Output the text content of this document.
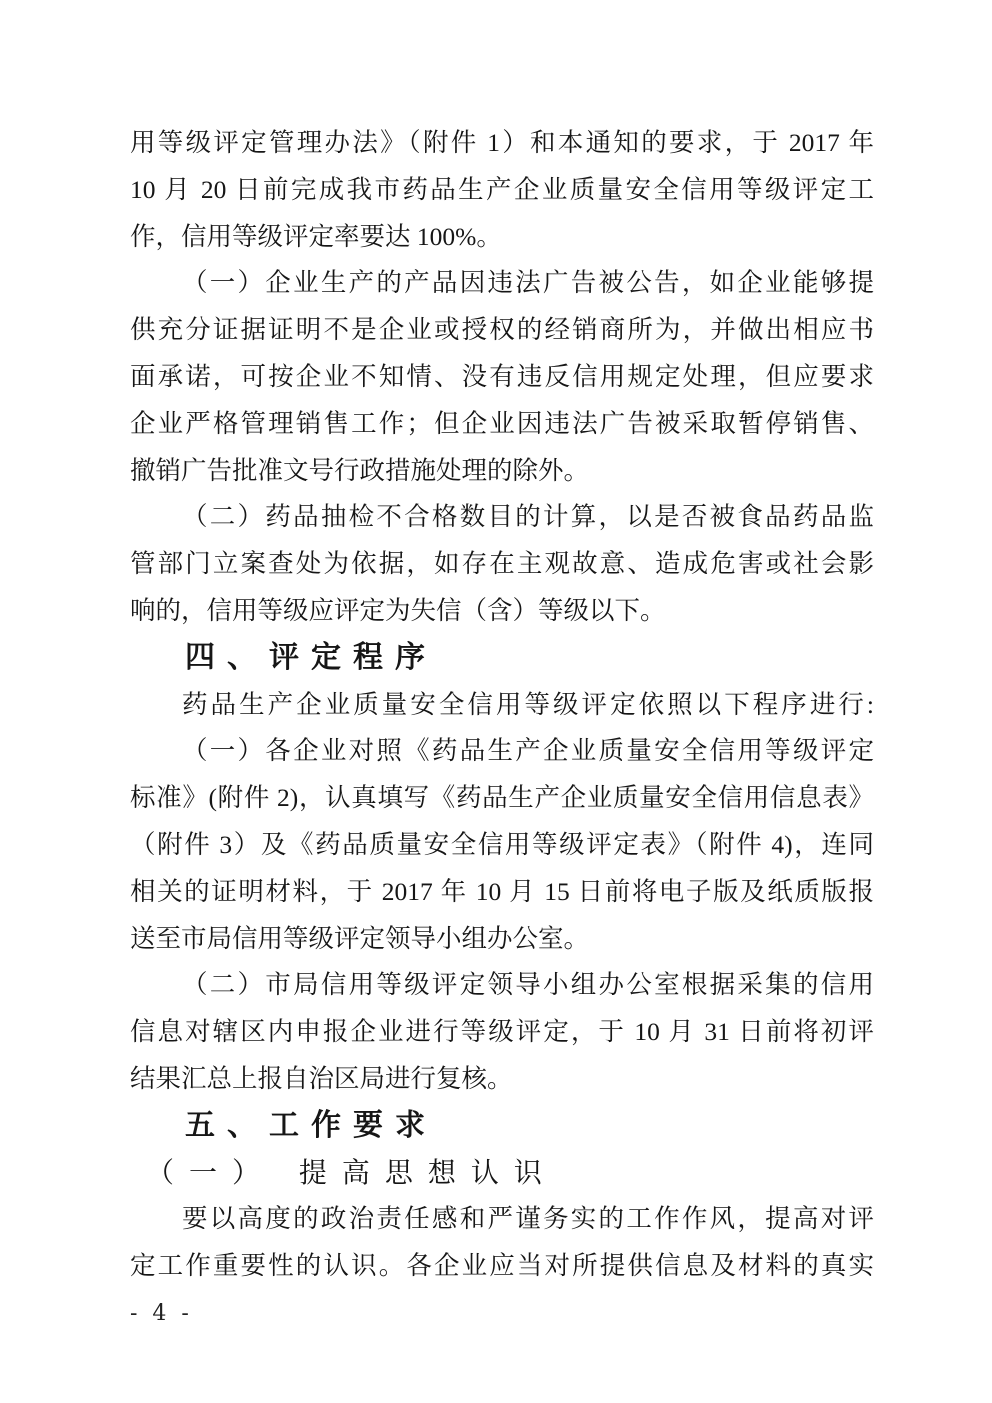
用等级评定管理办法》（附件 1）和本通知的要求，于 2017 年
10 月 20 日前完成我市药品生产企业质量安全信用等级评定工
作，信用等级评定率要达 100%。
（一）企业生产的产品因违法广告被公告，如企业能够提
供充分证据证明不是企业或授权的经销商所为，并做出相应书
面承诺，可按企业不知情、没有违反信用规定处理，但应要求
企业严格管理销售工作；但企业因违法广告被采取暂停销售、
撤销广告批准文号行政措施处理的除外。
（二）药品抽检不合格数目的计算，以是否被食品药品监
管部门立案查处为依据，如存在主观故意、造成危害或社会影
响的，信用等级应评定为失信（含）等级以下。
四、评定程序
药品生产企业质量安全信用等级评定依照以下程序进行:
（一）各企业对照《药品生产企业质量安全信用等级评定
标准》(附件 2)，认真填写《药品生产企业质量安全信用信息表》
（附件 3）及《药品质量安全信用等级评定表》（附件 4)，连同
相关的证明材料，于 2017 年 10 月 15 日前将电子版及纸质版报
送至市局信用等级评定领导小组办公室。
（二）市局信用等级评定领导小组办公室根据采集的信用
信息对辖区内申报企业进行等级评定，于 10 月 31 日前将初评
结果汇总上报自治区局进行复核。
五、工作要求
（一） 提高思想认识
要以高度的政治责任感和严谨务实的工作作风，提高对评
定工作重要性的认识。各企业应当对所提供信息及材料的真实
- 4 -
